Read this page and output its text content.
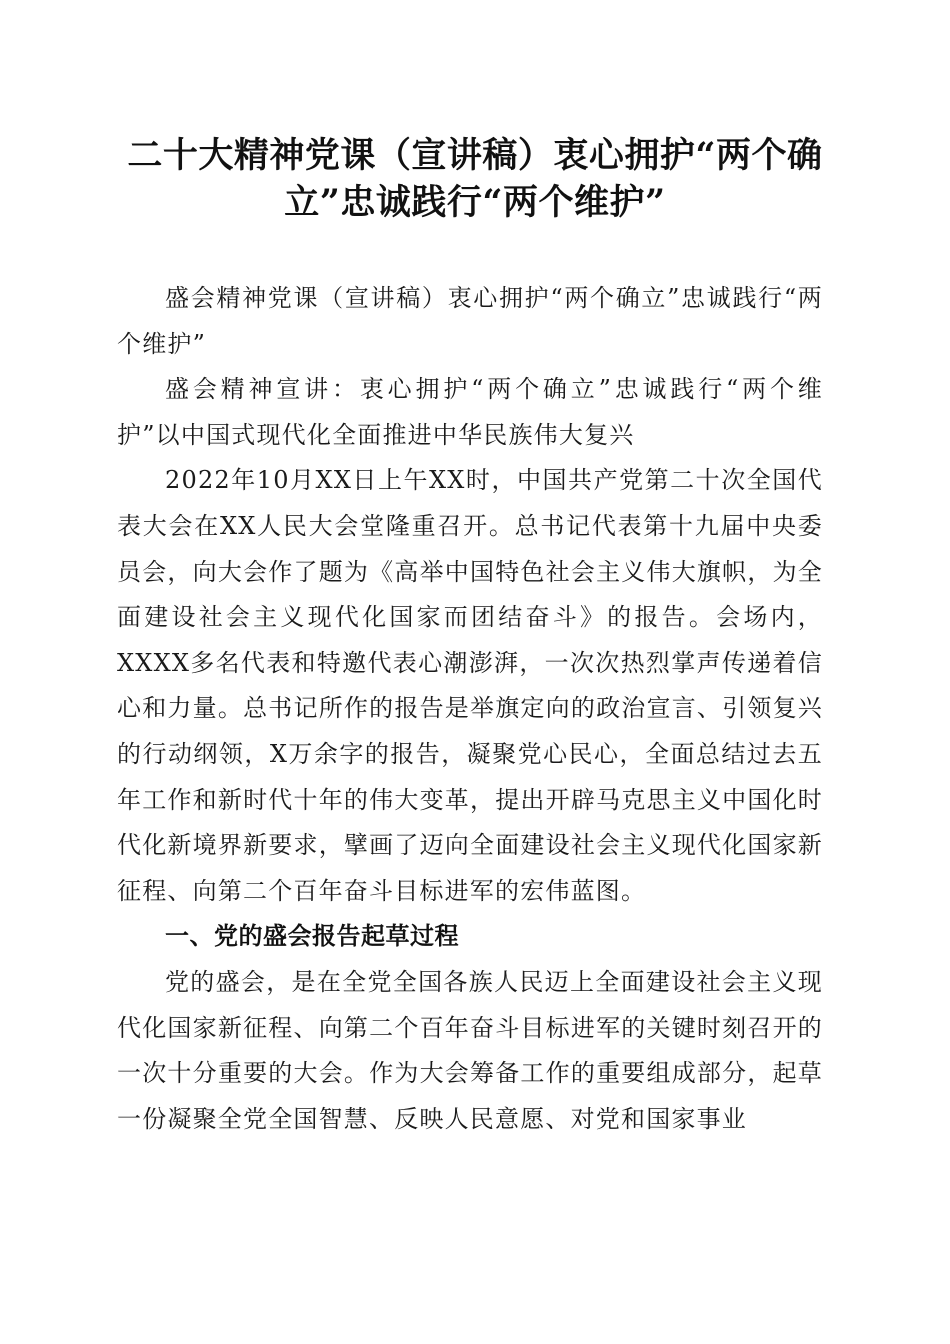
二十大精神党课（宣讲稿）衷心拥护“两个确立”忠诚践行“两个维护”

盛会精神党课（宣讲稿）衷心拥护“两个确立”忠诚践行“两个维护”

盛会精神宣讲：衷心拥护“两个确立”忠诚践行“两个维护”以中国式现代化全面推进中华民族伟大复兴

2022年10月XX日上午XX时，中国共产党第二十次全国代表大会在XX人民大会堂隆重召开。总书记代表第十九届中央委员会，向大会作了题为《高举中国特色社会主义伟大旗帜，为全面建设社会主义现代化国家而团结奋斗》的报告。会场内，XXXX多名代表和特邀代表心潮澎湃，一次次热烈掌声传递着信心和力量。总书记所作的报告是举旗定向的政治宣言、引领复兴的行动纲领，X万余字的报告，凝聚党心民心，全面总结过去五年工作和新时代十年的伟大变革，提出开辟马克思主义中国化时代化新境界新要求，擘画了迈向全面建设社会主义现代化国家新征程、向第二个百年奋斗目标进军的宏伟蓝图。

一、党的盛会报告起草过程

党的盛会，是在全党全国各族人民迈上全面建设社会主义现代化国家新征程、向第二个百年奋斗目标进军的关键时刻召开的一次十分重要的大会。作为大会筹备工作的重要组成部分，起草一份凝聚全党全国智慧、反映人民意愿、对党和国家事业
